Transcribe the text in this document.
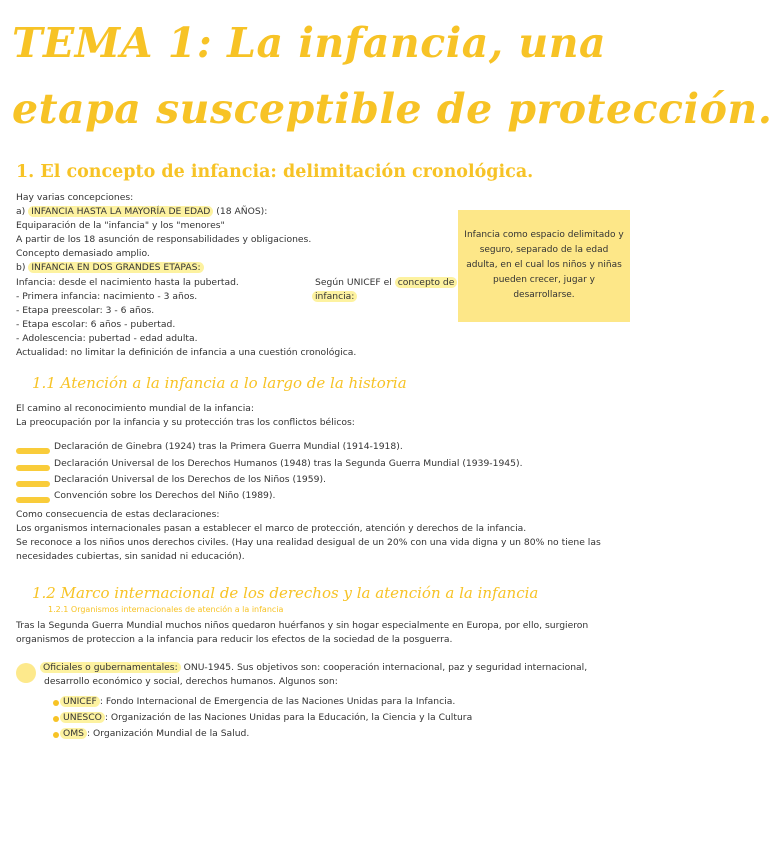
TEMA 1: La infancia, una
etapa susceptible de protección.
1. El concepto de infancia: delimitación cronológica.
Hay varias concepciones:
a) INFANCIA HASTA LA MAYORÍA DE EDAD (18 AÑOS):
Equiparación de la "infancia" y los "menores"
A partir de los 18 asunción de responsabilidades y obligaciones.
Concepto demasiado amplio.
b) INFANCIA EN DOS GRANDES ETAPAS:
Infancia: desde el nacimiento hasta la pubertad.
- Primera infancia: nacimiento - 3 años.
- Etapa preescolar: 3 - 6 años.
- Etapa escolar: 6 años - pubertad.
- Adolescencia: pubertad - edad adulta.
Actualidad: no limitar la definición de infancia a una cuestión cronológica.
Según UNICEF el concepto de
infancia:
Infancia como espacio delimitado y seguro, separado de la edad adulta, en el cual los niños y niñas pueden crecer, jugar y desarrollarse.
1.1 Atención a la infancia a lo largo de la historia
El camino al reconocimiento mundial de la infancia:
La preocupación por la infancia y su protección tras los conflictos bélicos:
Declaración de Ginebra (1924) tras la Primera Guerra Mundial (1914-1918).
Declaración Universal de los Derechos Humanos (1948) tras la Segunda Guerra Mundial (1939-1945).
Declaración Universal de los Derechos de los Niños (1959).
Convención sobre los Derechos del Niño (1989).
Como consecuencia de estas declaraciones:
Los organismos internacionales pasan a establecer el marco de protección, atención y derechos de la infancia.
Se reconoce a los niños unos derechos civiles. (Hay una realidad desigual de un 20% con una vida digna y un 80% no tiene las
necesidades cubiertas, sin sanidad ni educación).
1.2 Marco internacional de los derechos y la atención a la infancia
1.2.1 Organismos internacionales de atención a la infancia
Tras la Segunda Guerra Mundial muchos niños quedaron huérfanos y sin hogar especialmente en Europa, por ello, surgieron
organismos de proteccion a la infancia para reducir los efectos de la sociedad de la posguerra.
Oficiales o gubernamentales: ONU-1945. Sus objetivos son: cooperación internacional, paz y seguridad internacional,
desarrollo económico y social, derechos humanos. Algunos son:
UNICEF : Fondo Internacional de Emergencia de las Naciones Unidas para la Infancia.
UNESCO : Organización de las Naciones Unidas para la Educación, la Ciencia y la Cultura
OMS : Organización Mundial de la Salud.
